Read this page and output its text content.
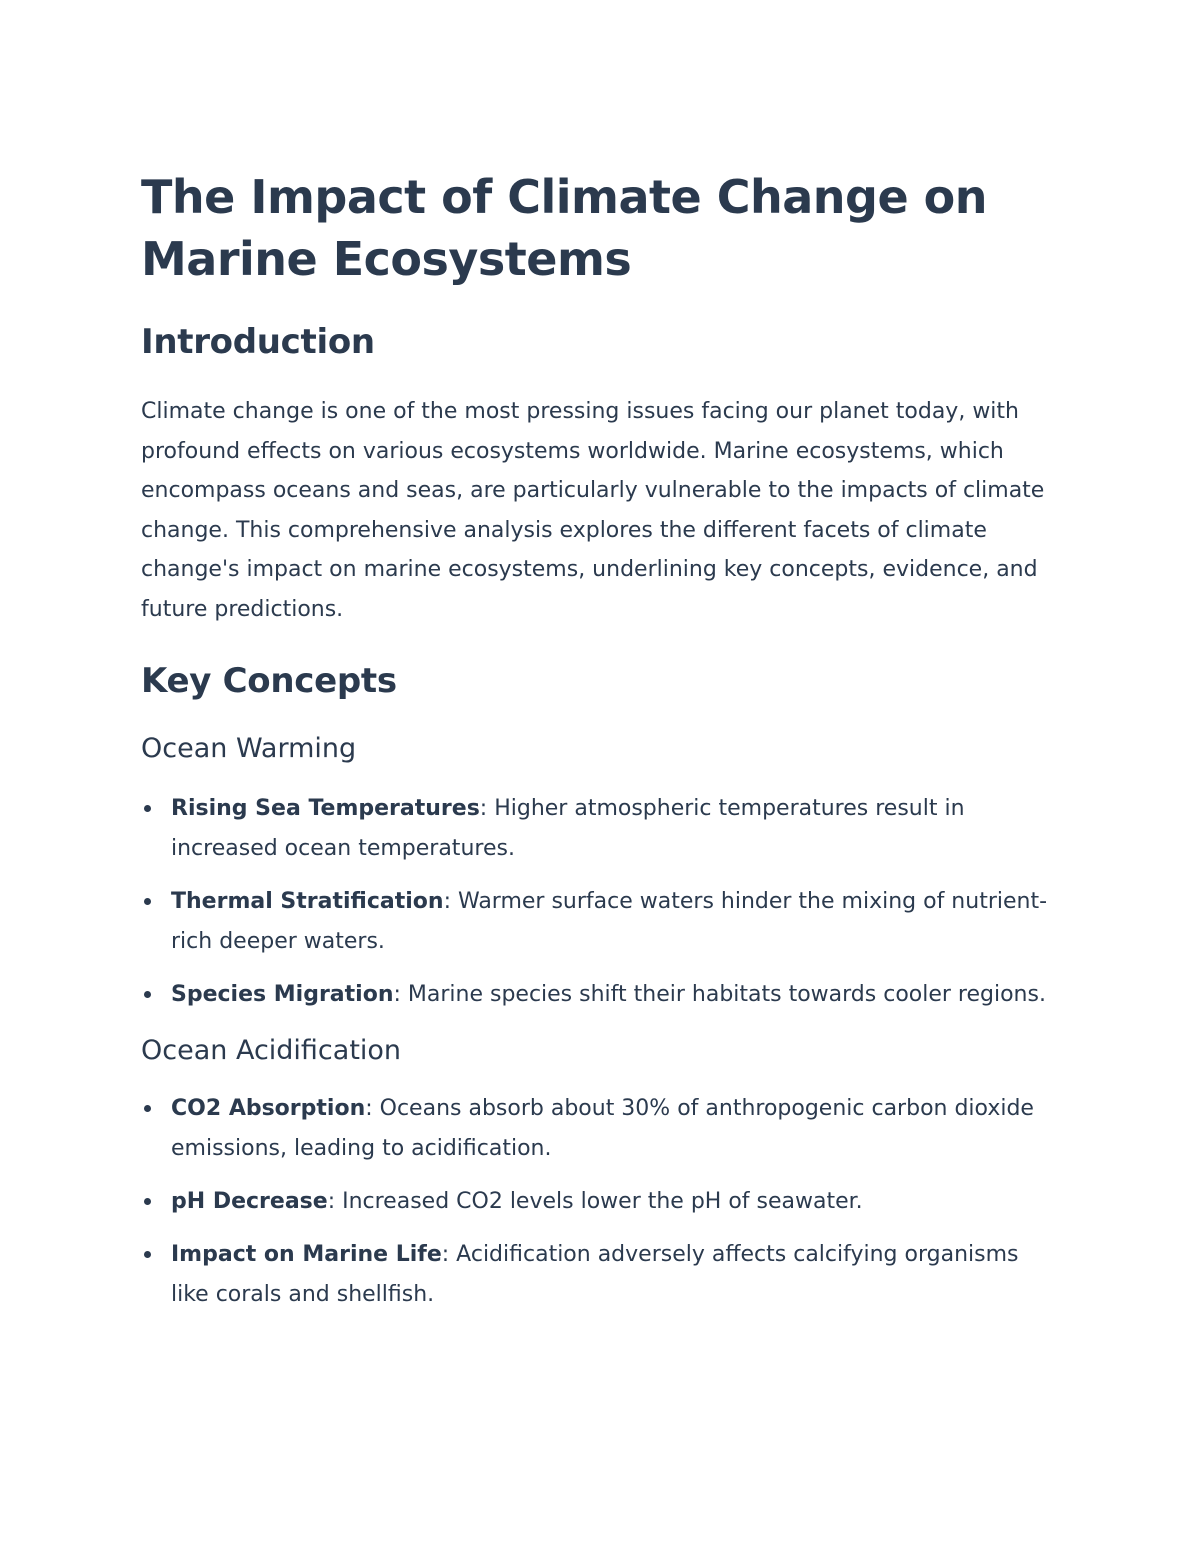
The Impact of Climate Change on Marine Ecosystems
Introduction

Climate change is one of the most pressing issues facing our planet today, with profound effects on various ecosystems worldwide. Marine ecosystems, which encompass oceans and seas, are particularly vulnerable to the impacts of climate change. This comprehensive analysis explores the different facets of climate change's impact on marine ecosystems, underlining key concepts, evidence, and future predictions.

Key Concepts
Ocean Warming
Rising Sea Temperatures: Higher atmospheric temperatures result in increased ocean temperatures.
Thermal Stratification: Warmer surface waters hinder the mixing of nutrient-rich deeper waters.
Species Migration: Marine species shift their habitats towards cooler regions.
Ocean Acidification
CO2 Absorption: Oceans absorb about 30% of anthropogenic carbon dioxide emissions, leading to acidification.
pH Decrease: Increased CO2 levels lower the pH of seawater.
Impact on Marine Life: Acidification adversely affects calcifying organisms like corals and shellfish.
